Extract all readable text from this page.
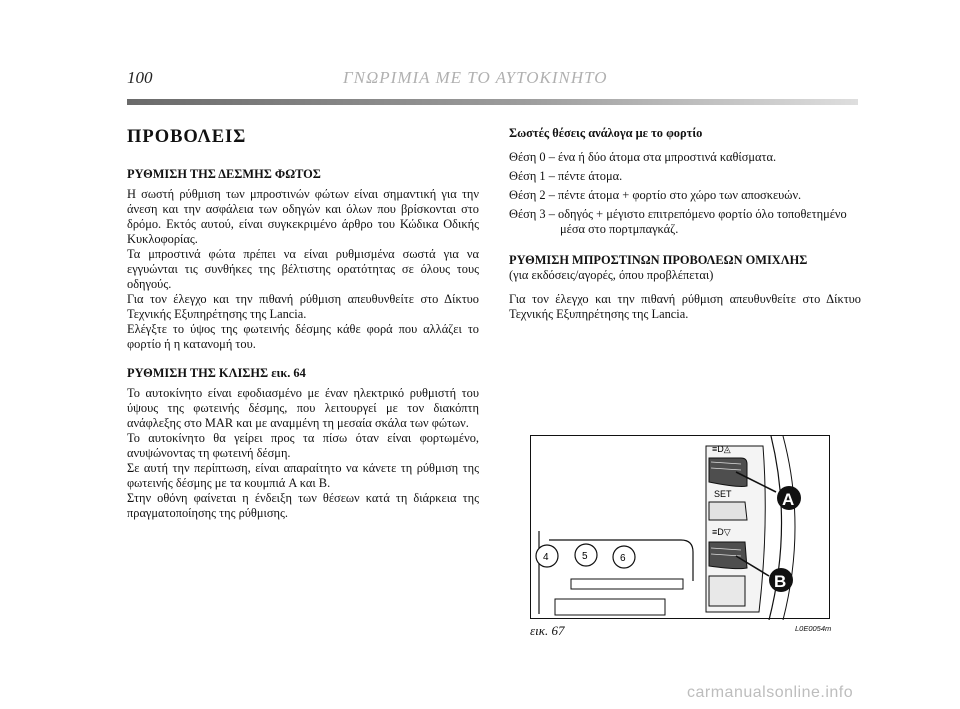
100	ΓΝΩΡΙΜΙΑ ΜΕ ΤΟ ΑΥΤΟΚΙΝΗΤΟ
ΠΡΟΒΟΛΕΙΣ
ΡΥΘΜΙΣΗ ΤΗΣ ΔΕΣΜΗΣ ΦΩΤΟΣ

Η σωστή ρύθμιση των μπροστινών φώτων είναι σημαντική για την άνεση και την ασφάλεια των οδηγών και όλων που βρίσκονται στο δρόμο. Εκτός αυτού, είναι συγκεκριμένο άρθρο του Κώδικα Οδικής Κυκλοφορίας.

Τα μπροστινά φώτα πρέπει να είναι ρυθμισμένα σωστά για να εγγυώνται τις συνθήκες της βέλτιστης ορατότητας σε όλους τους οδηγούς.

Για τον έλεγχο και την πιθανή ρύθμιση απευθυνθείτε στο Δίκτυο Τεχνικής Εξυπηρέτησης της Lancia.

Ελέγξτε το ύψος της φωτεινής δέσμης κάθε φορά που αλλάζει το φορτίο ή η κατανομή του.

ΡΥΘΜΙΣΗ ΤΗΣ ΚΛΙΣΗΣ εικ. 64

Το αυτοκίνητο είναι εφοδιασμένο με έναν ηλεκτρικό ρυθμιστή του ύψους της φωτεινής δέσμης, που λειτουργεί με τον διακόπτη ανάφλεξης στο MAR και με αναμμένη τη μεσαία σκάλα των φώτων.

Το αυτοκίνητο θα γείρει προς τα πίσω όταν είναι φορτωμένο, ανυψώνοντας τη φωτεινή δέσμη.

Σε αυτή την περίπτωση, είναι απαραίτητο να κάνετε τη ρύθμιση της φωτεινής δέσμης με τα κουμπιά A και B.

Στην οθόνη φαίνεται η ένδειξη των θέσεων κατά τη διάρκεια της πραγματοποίησης της ρύθμισης.

Σωστές θέσεις ανάλογα με το φορτίο
Θέση 0 – ένα ή δύο άτομα στα μπροστινά καθίσματα.
Θέση 1 – πέντε άτομα.
Θέση 2 – πέντε άτομα + φορτίο στο χώρο των αποσκευών.
Θέση 3 – οδηγός + μέγιστο επιτρεπόμενο φορτίο όλο τοποθετημένο μέσα στο πορτμπαγκάζ.
ΡΥΘΜΙΣΗ ΜΠΡΟΣΤΙΝΩΝ ΠΡΟΒΟΛΕΩΝ ΟΜΙΧΛΗΣ

(για εκδόσεις/αγορές, όπου προβλέπεται)

Για τον έλεγχο και την πιθανή ρύθμιση απευθυνθείτε στο Δίκτυο Τεχνικής Εξυπηρέτησης της Lancia.

4	5	6
≡D◬
SET
≡D▽
A
B
εικ. 67	L0E0054m
carmanualsonline.info
